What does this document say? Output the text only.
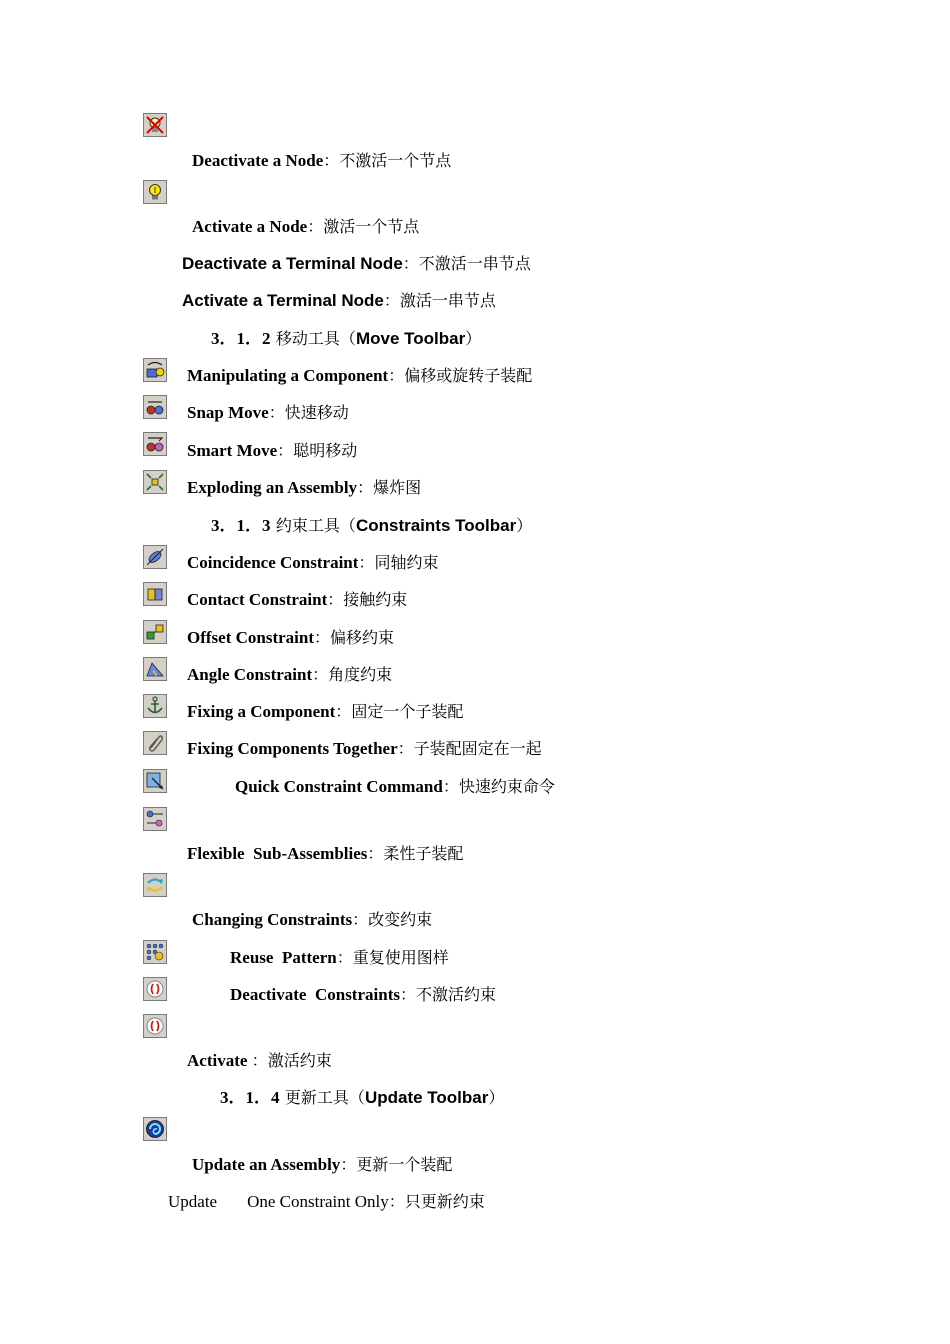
Deactivate a Node：不激活一个节点
Activate a Node：激活一个节点
Deactivate a Terminal Node：不激活一串节点
Activate a Terminal Node：激活一串节点
3．1．2 移动工具（Move Toolbar）
Manipulating a Component：偏移或旋转子装配
Snap Move：快速移动
Smart Move：聪明移动
Exploding an Assembly：爆炸图
3．1．3 约束工具（Constraints Toolbar）
Coincidence Constraint：同轴约束
Contact Constraint：接触约束
Offset Constraint：偏移约束
Angle Constraint：角度约束
Fixing a Component：固定一个子装配
Fixing Components Together：子装配固定在一起
Quick Constraint Command：快速约束命令
Flexible  Sub-Assemblies：柔性子装配
Changing Constraints：改变约束
Reuse  Pattern：重复使用图样
Deactivate  Constraints：不激活约束
Activate ：激活约束
3．1．4 更新工具（Update Toolbar）
Update an Assembly：更新一个装配
Update One Constraint Only：只更新约束
